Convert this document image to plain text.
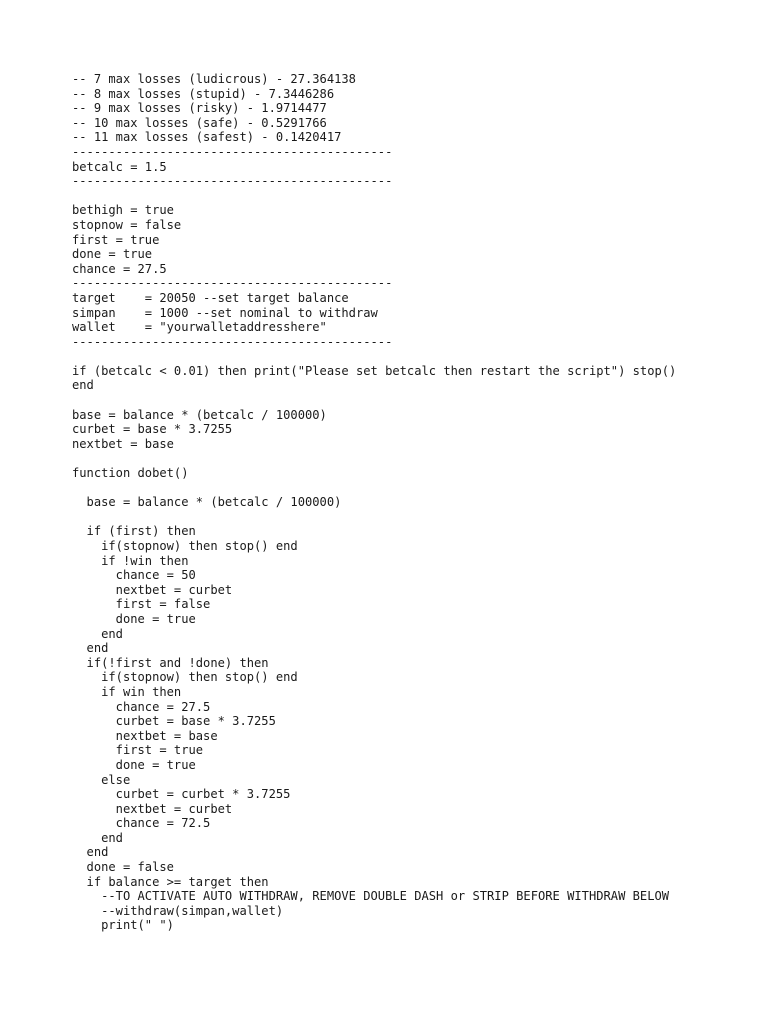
-- 7 max losses (ludicrous) - 27.364138
-- 8 max losses (stupid) - 7.3446286
-- 9 max losses (risky) - 1.9714477
-- 10 max losses (safe) - 0.5291766
-- 11 max losses (safest) - 0.1420417
--------------------------------------------
betcalc = 1.5
--------------------------------------------
bethigh = true
stopnow = false
first = true
done = true
chance = 27.5
--------------------------------------------
target    = 20050 --set target balance
simpan    = 1000 --set nominal to withdraw
wallet    = "yourwalletaddresshere"
--------------------------------------------
if (betcalc < 0.01) then print("Please set betcalc then restart the script") stop()
end
base = balance * (betcalc / 100000)
curbet = base * 3.7255
nextbet = base
function dobet()
base = balance * (betcalc / 100000)
if (first) then
if(stopnow) then stop() end
if !win then
chance = 50
nextbet = curbet
first = false
done = true
end
end
if(!first and !done) then
if(stopnow) then stop() end
if win then
chance = 27.5
curbet = base * 3.7255
nextbet = base
first = true
done = true
else
curbet = curbet * 3.7255
nextbet = curbet
chance = 72.5
end
end
done = false
if balance >= target then
--TO ACTIVATE AUTO WITHDRAW, REMOVE DOUBLE DASH or STRIP BEFORE WITHDRAW BELOW
--withdraw(simpan,wallet)
print(" ")
